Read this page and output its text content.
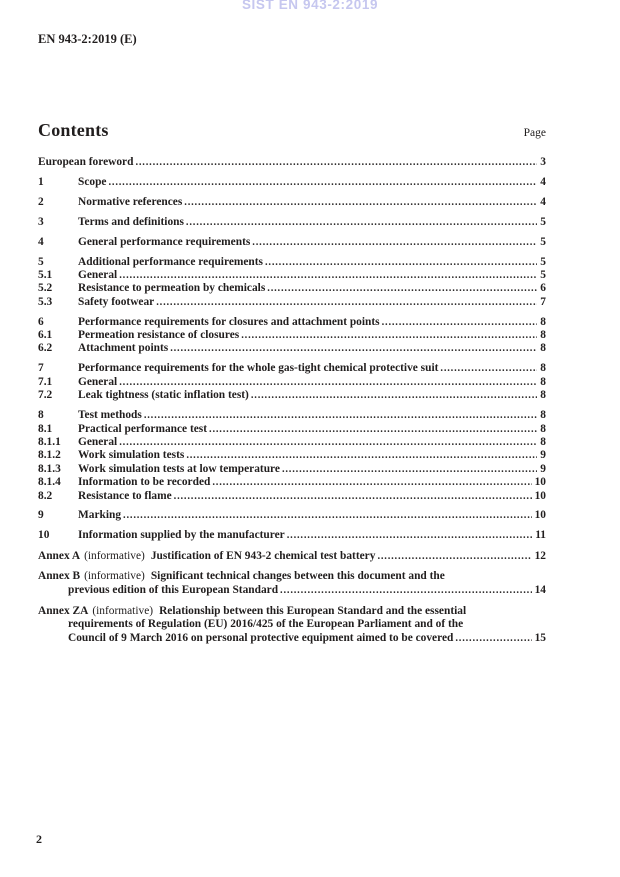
SIST EN 943-2:2019
EN 943-2:2019 (E)
Contents	Page
European foreword .....	3
1	Scope .....	4
2	Normative references .....	4
3	Terms and definitions .....	5
4	General performance requirements .....	5
5	Additional performance requirements .....	5
5.1	General .....	5
5.2	Resistance to permeation by chemicals .....	6
5.3	Safety footwear .....	7
6	Performance requirements for closures and attachment points .....	8
6.1	Permeation resistance of closures .....	8
6.2	Attachment points .....	8
7	Performance requirements for the whole gas-tight chemical protective suit .....	8
7.1	General .....	8
7.2	Leak tightness (static inflation test) .....	8
8	Test methods .....	8
8.1	Practical performance test .....	8
8.1.1	General .....	8
8.1.2	Work simulation tests .....	9
8.1.3	Work simulation tests at low temperature .....	9
8.1.4	Information to be recorded .....	10
8.2	Resistance to flame .....	10
9	Marking .....	10
10	Information supplied by the manufacturer .....	11
Annex A (informative) Justification of EN 943-2 chemical test battery .....	12
Annex B (informative) Significant technical changes between this document and the
previous edition of this European Standard .....	14
Annex ZA (informative) Relationship between this European Standard and the essential
requirements of Regulation (EU) 2016/425 of the European Parliament and of the
Council of 9 March 2016 on personal protective equipment aimed to be covered .....	15
2
